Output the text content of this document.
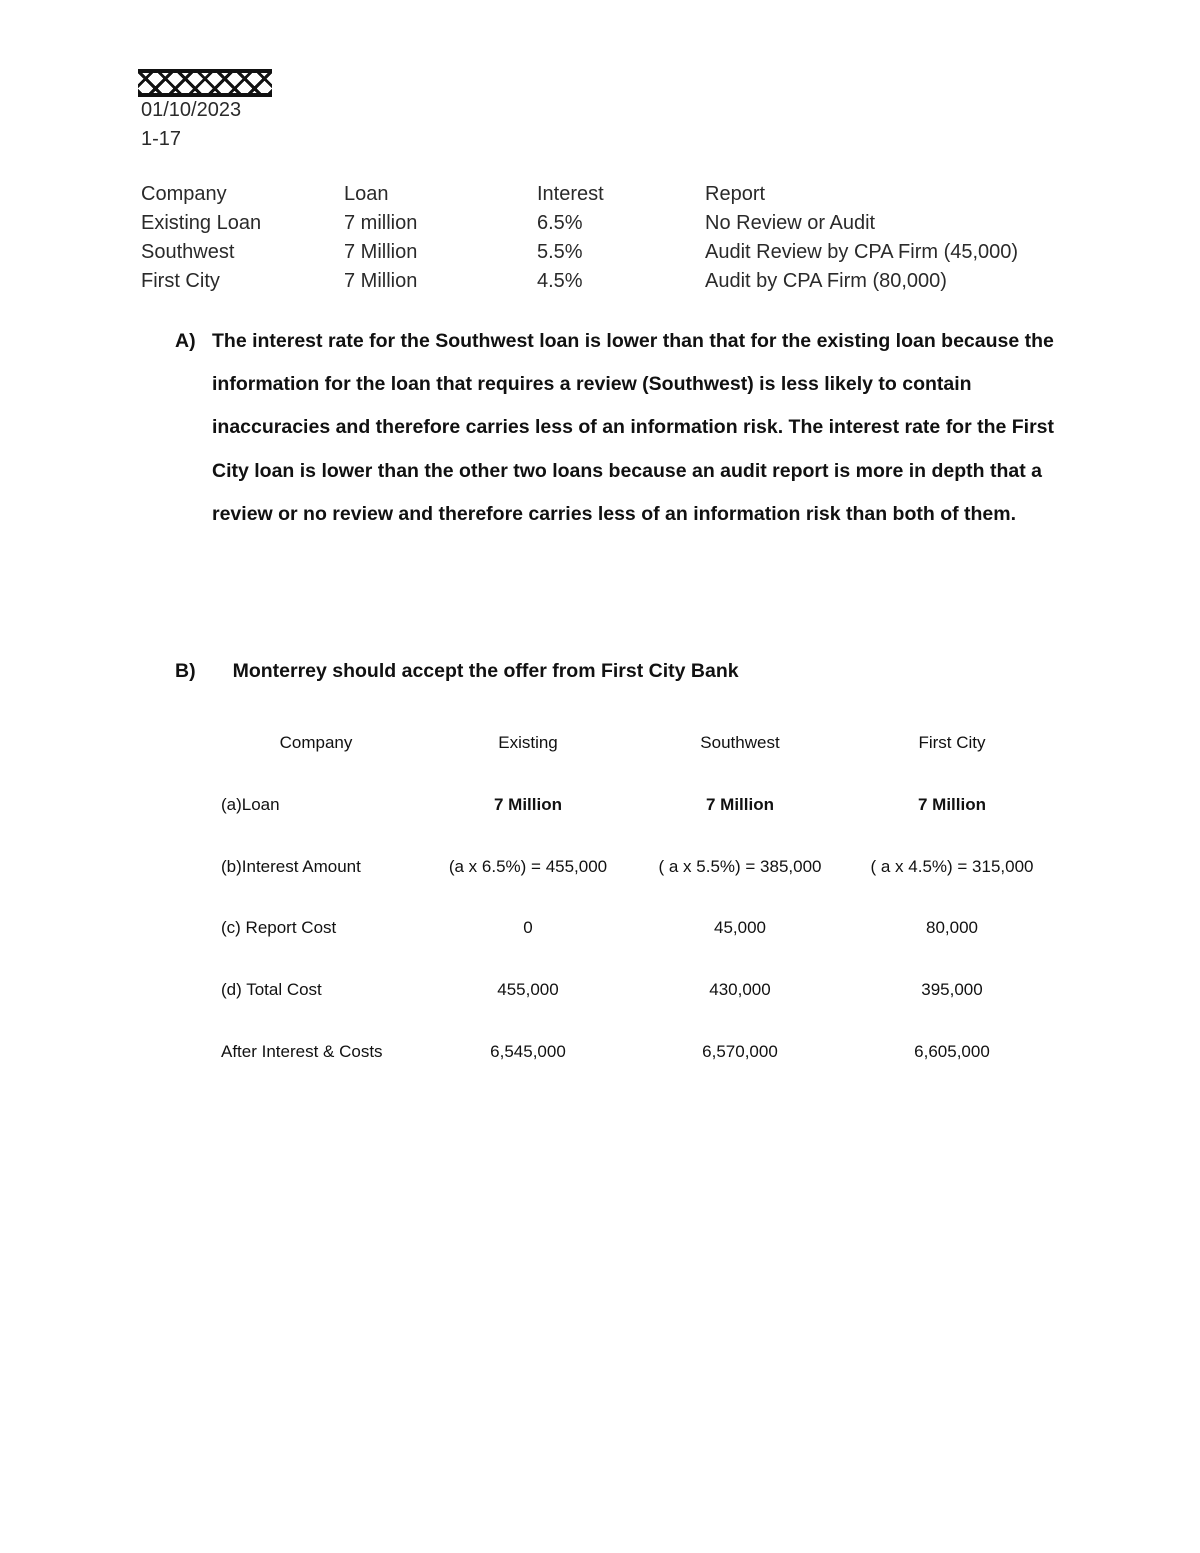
01/10/2023
1-17
Company	Loan	Interest	Report
Existing Loan	7 million	6.5%	No Review or Audit
Southwest	7 Million	5.5%	Audit Review by CPA Firm (45,000)
First City	7 Million	4.5%	Audit by CPA Firm (80,000)
A) The interest rate for the Southwest loan is lower than that for the existing loan because the information for the loan that requires a review (Southwest) is less likely to contain inaccuracies and therefore carries less of an information risk. The interest rate for the First City loan is lower than the other two loans because an audit report is more in depth that a review or no review and therefore carries less of an information risk than both of them.
B) Monterrey should accept the offer from First City Bank
Company	Existing	Southwest	First City
(a)Loan	7 Million	7 Million	7 Million
(b)Interest Amount	(a x 6.5%) = 455,000	( a x 5.5%) = 385,000	( a x 4.5%) = 315,000
(c) Report Cost	0	45,000	80,000
(d) Total Cost	455,000	430,000	395,000
After Interest & Costs	6,545,000	6,570,000	6,605,000
